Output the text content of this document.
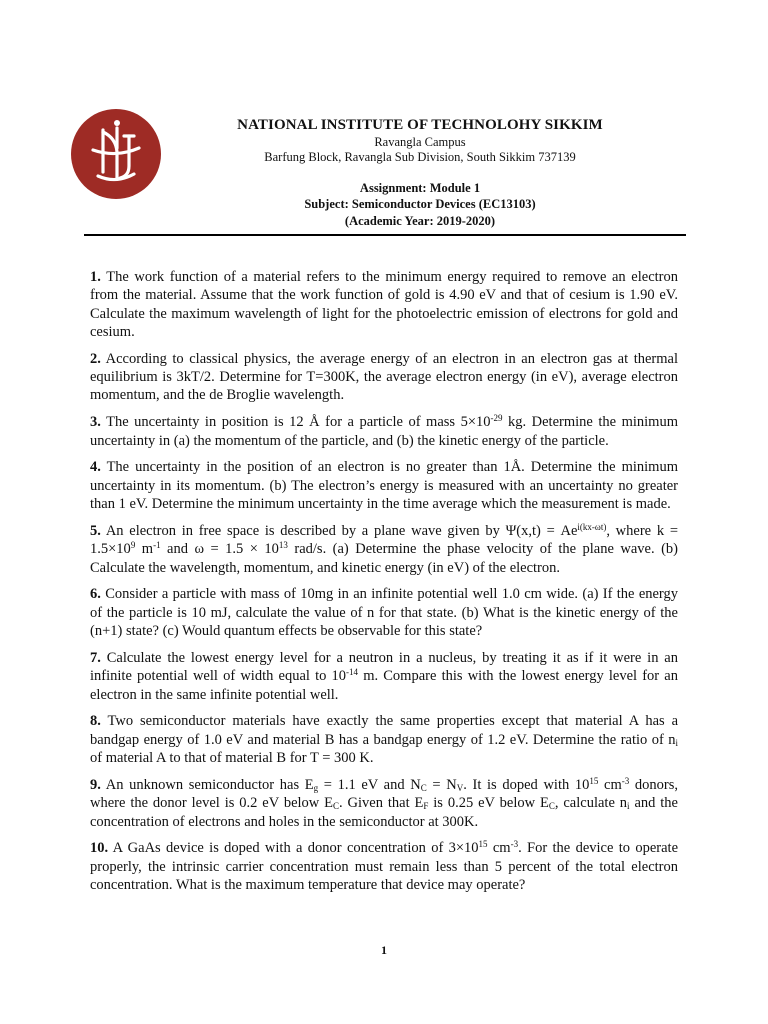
NATIONAL INSTITUTE OF TECHNOLOHY SIKKIM
Ravangla Campus
Barfung Block, Ravangla Sub Division, South Sikkim 737139
Assignment: Module 1
Subject: Semiconductor Devices (EC13103)
(Academic Year: 2019-2020)

1. The work function of a material refers to the minimum energy required to remove an electron from the material. Assume that the work function of gold is 4.90 eV and that of cesium is 1.90 eV. Calculate the maximum wavelength of light for the photoelectric emission of electrons for gold and cesium.

2. According to classical physics, the average energy of an electron in an electron gas at thermal equilibrium is 3kT/2. Determine for T=300K, the average electron energy (in eV), average electron momentum, and the de Broglie wavelength.

3. The uncertainty in position is 12 Å for a particle of mass $5\times 10^{-29}$ kg. Determine the minimum uncertainty in (a) the momentum of the particle, and (b) the kinetic energy of the particle.

4. The uncertainty in the position of an electron is no greater than 1Å. Determine the minimum uncertainty in its momentum. (b) The electron’s energy is measured with an uncertainty no greater than 1 eV. Determine the minimum uncertainty in the time average which the measurement is made.

5. An electron in free space is described by a plane wave given by $\Psi(x,t) = Ae^{i(kx-\omega t)}$, where $k = 1.5\times 10^9$ $m^{-1}$ and $\omega = 1.5 \times 10^{13}$ rad/s. (a) Determine the phase velocity of the plane wave. (b) Calculate the wavelength, momentum, and kinetic energy (in eV) of the electron.

6. Consider a particle with mass of 10mg in an infinite potential well 1.0 cm wide. (a) If the energy of the particle is 10 mJ, calculate the value of n for that state. (b) What is the kinetic energy of the (n+1) state? (c) Would quantum effects be observable for this state?

7. Calculate the lowest energy level for a neutron in a nucleus, by treating it as if it were in an infinite potential well of width equal to $10^{-14}$ m. Compare this with the lowest energy level for an electron in the same infinite potential well.

8. Two semiconductor materials have exactly the same properties except that material A has a bandgap energy of 1.0 eV and material B has a bandgap energy of 1.2 eV. Determine the ratio of $n_i$ of material A to that of material B for T = 300 K.

9. An unknown semiconductor has $E_g = 1.1$ eV and $N_C = N_V$. It is doped with $10^{15}$ $cm^{-3}$ donors, where the donor level is 0.2 eV below $E_C$. Given that $E_F$ is 0.25 eV below $E_C$, calculate $n_i$ and the concentration of electrons and holes in the semiconductor at 300K.

10. A GaAs device is doped with a donor concentration of $3\times 10^{15}$ $cm^{-3}$. For the device to operate properly, the intrinsic carrier concentration must remain less than 5 percent of the total electron concentration. What is the maximum temperature that device may operate?

1
